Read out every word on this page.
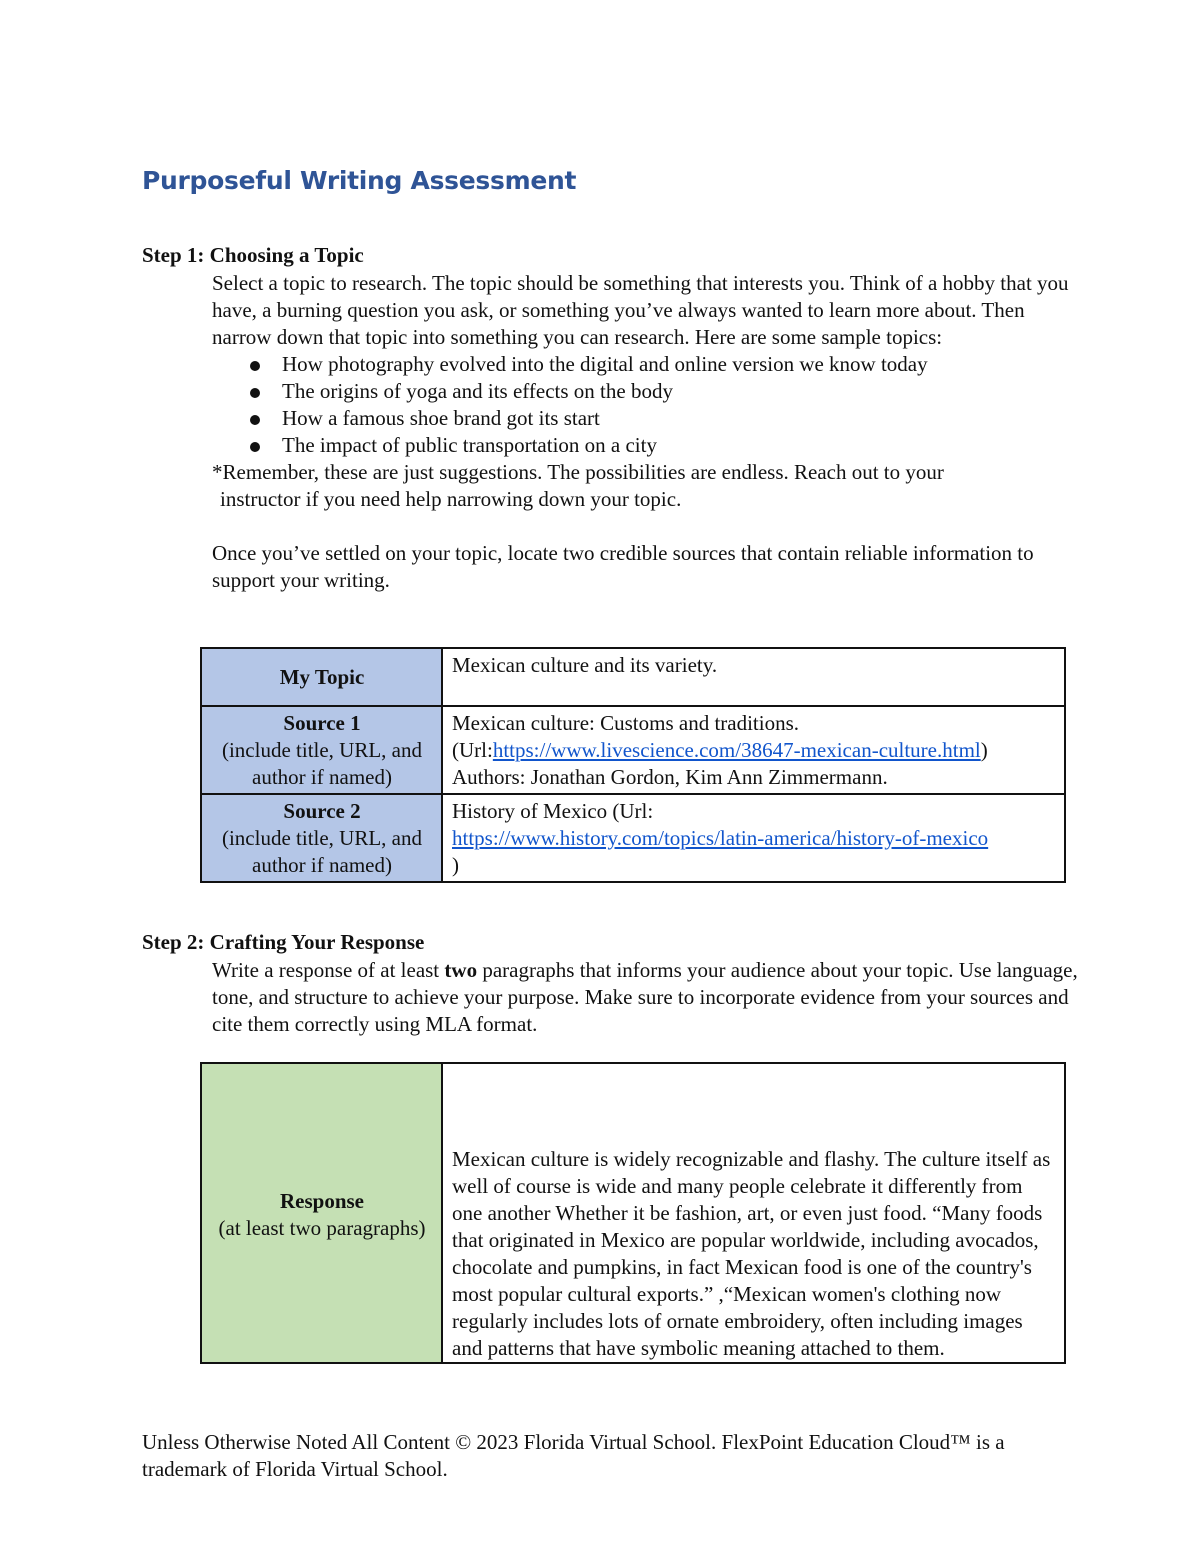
Purposeful Writing Assessment
Step 1: Choosing a Topic

Select a topic to research. The topic should be something that interests you. Think of a hobby that you have, a burning question you ask, or something you’ve always wanted to learn more about. Then narrow down that topic into something you can research. Here are some sample topics:

How photography evolved into the digital and online version we know today
The origins of yoga and its effects on the body
How a famous shoe brand got its start
The impact of public transportation on a city

*Remember, these are just suggestions. The possibilities are endless. Reach out to your

instructor if you need help narrowing down your topic.

Once you’ve settled on your topic, locate two credible sources that contain reliable information to support your writing.

My Topic	Mexican culture and its variety.
Source 1
(include title, URL, and author if named)	Mexican culture: Customs and traditions.
(Url:https://www.livescience.com/38647-mexican-culture.html)
Authors: Jonathan Gordon, Kim Ann Zimmermann.
Source 2
(include title, URL, and author if named)	History of Mexico (Url:
https://www.history.com/topics/latin-america/history-of-mexico
)
Step 2: Crafting Your Response

Write a response of at least two paragraphs that informs your audience about your topic. Use language, tone, and structure to achieve your purpose. Make sure to incorporate evidence from your sources and cite them correctly using MLA format.

Response
(at least two paragraphs)	Mexican culture is widely recognizable and flashy. The culture itself as well of course is wide and many people celebrate it differently from one another Whether it be fashion, art, or even just food. “Many foods that originated in Mexico are popular worldwide, including avocados, chocolate and pumpkins, in fact Mexican food is one of the country's most popular cultural exports.” ,“Mexican women's clothing now regularly includes lots of ornate embroidery, often including images and patterns that have symbolic meaning attached to them.
Unless Otherwise Noted All Content © 2023 Florida Virtual School. FlexPoint Education Cloud™ is a trademark of Florida Virtual School.
